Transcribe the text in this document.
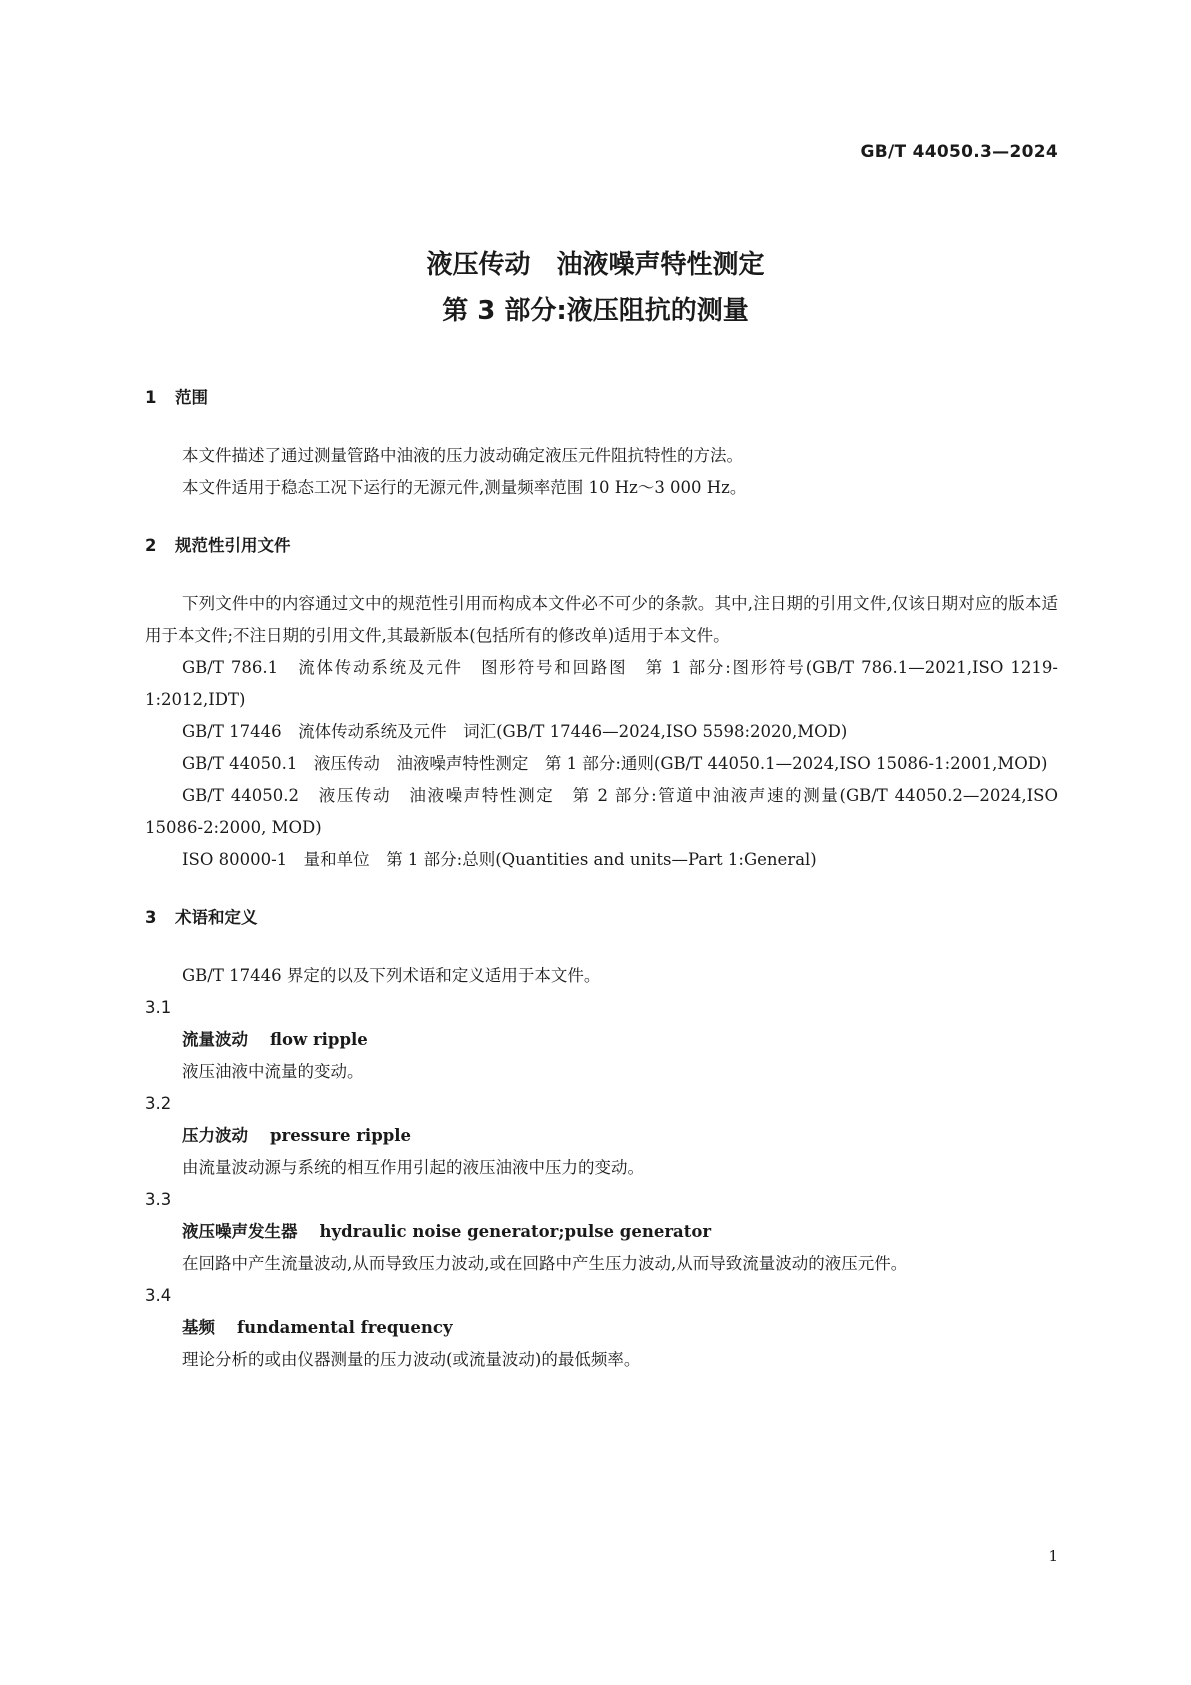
GB/T 44050.3—2024
液压传动　油液噪声特性测定
第 3 部分:液压阻抗的测量
1 范围

本文件描述了通过测量管路中油液的压力波动确定液压元件阻抗特性的方法。

本文件适用于稳态工况下运行的无源元件,测量频率范围 10 Hz～3 000 Hz。

2 规范性引用文件

下列文件中的内容通过文中的规范性引用而构成本文件必不可少的条款。其中,注日期的引用文件,仅该日期对应的版本适用于本文件;不注日期的引用文件,其最新版本(包括所有的修改单)适用于本文件。

GB/T 786.1　流体传动系统及元件　图形符号和回路图　第 1 部分:图形符号(GB/T 786.1—2021,ISO 1219-1:2012,IDT)

GB/T 17446　流体传动系统及元件　词汇(GB/T 17446—2024,ISO 5598:2020,MOD)

GB/T 44050.1　液压传动　油液噪声特性测定　第 1 部分:通则(GB/T 44050.1—2024,ISO 15086-1:2001,MOD)

GB/T 44050.2　液压传动　油液噪声特性测定　第 2 部分:管道中油液声速的测量(GB/T 44050.2—2024,ISO 15086-2:2000, MOD)

ISO 80000-1　量和单位　第 1 部分:总则(Quantities and units—Part 1:General)

3 术语和定义

GB/T 17446 界定的以及下列术语和定义适用于本文件。

3.1
流量波动 flow ripple
液压油液中流量的变动。
3.2
压力波动 pressure ripple
由流量波动源与系统的相互作用引起的液压油液中压力的变动。
3.3
液压噪声发生器 hydraulic noise generator;pulse generator
在回路中产生流量波动,从而导致压力波动,或在回路中产生压力波动,从而导致流量波动的液压元件。
3.4
基频 fundamental frequency
理论分析的或由仪器测量的压力波动(或流量波动)的最低频率。
1
